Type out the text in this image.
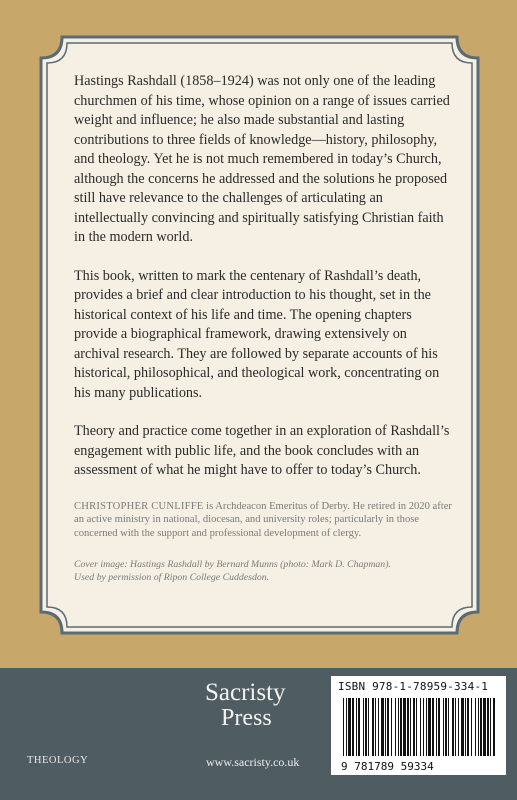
Hastings Rashdall (1858–1924) was not only one of the leading churchmen of his time, whose opinion on a range of issues carried weight and influence; he also made substantial and lasting contributions to three fields of knowledge—history, philosophy, and theology. Yet he is not much remembered in today’s Church, although the concerns he addressed and the solutions he proposed still have relevance to the challenges of articulating an intellectually convincing and spiritually satisfying Christian faith in the modern world.

This book, written to mark the centenary of Rashdall’s death, provides a brief and clear introduction to his thought, set in the historical context of his life and time. The opening chapters provide a biographical framework, drawing extensively on archival research. They are followed by separate accounts of his historical, philosophical, and theological work, concentrating on his many publications.

Theory and practice come together in an exploration of Rashdall’s engagement with public life, and the book concludes with an assessment of what he might have to offer to today’s Church.

CHRISTOPHER CUNLIFFE is Archdeacon Emeritus of Derby. He retired in 2020 after an active ministry in national, diocesan, and university roles; particularly in those concerned with the support and professional development of clergy.

Cover image: Hastings Rashdall by Bernard Munns (photo: Mark D. Chapman).
Used by permission of Ripon College Cuddesdon.

Sacristy
Press
THEOLOGY	www.sacristy.co.uk
ISBN 978-1-78959-334-1
9 781789 59334
